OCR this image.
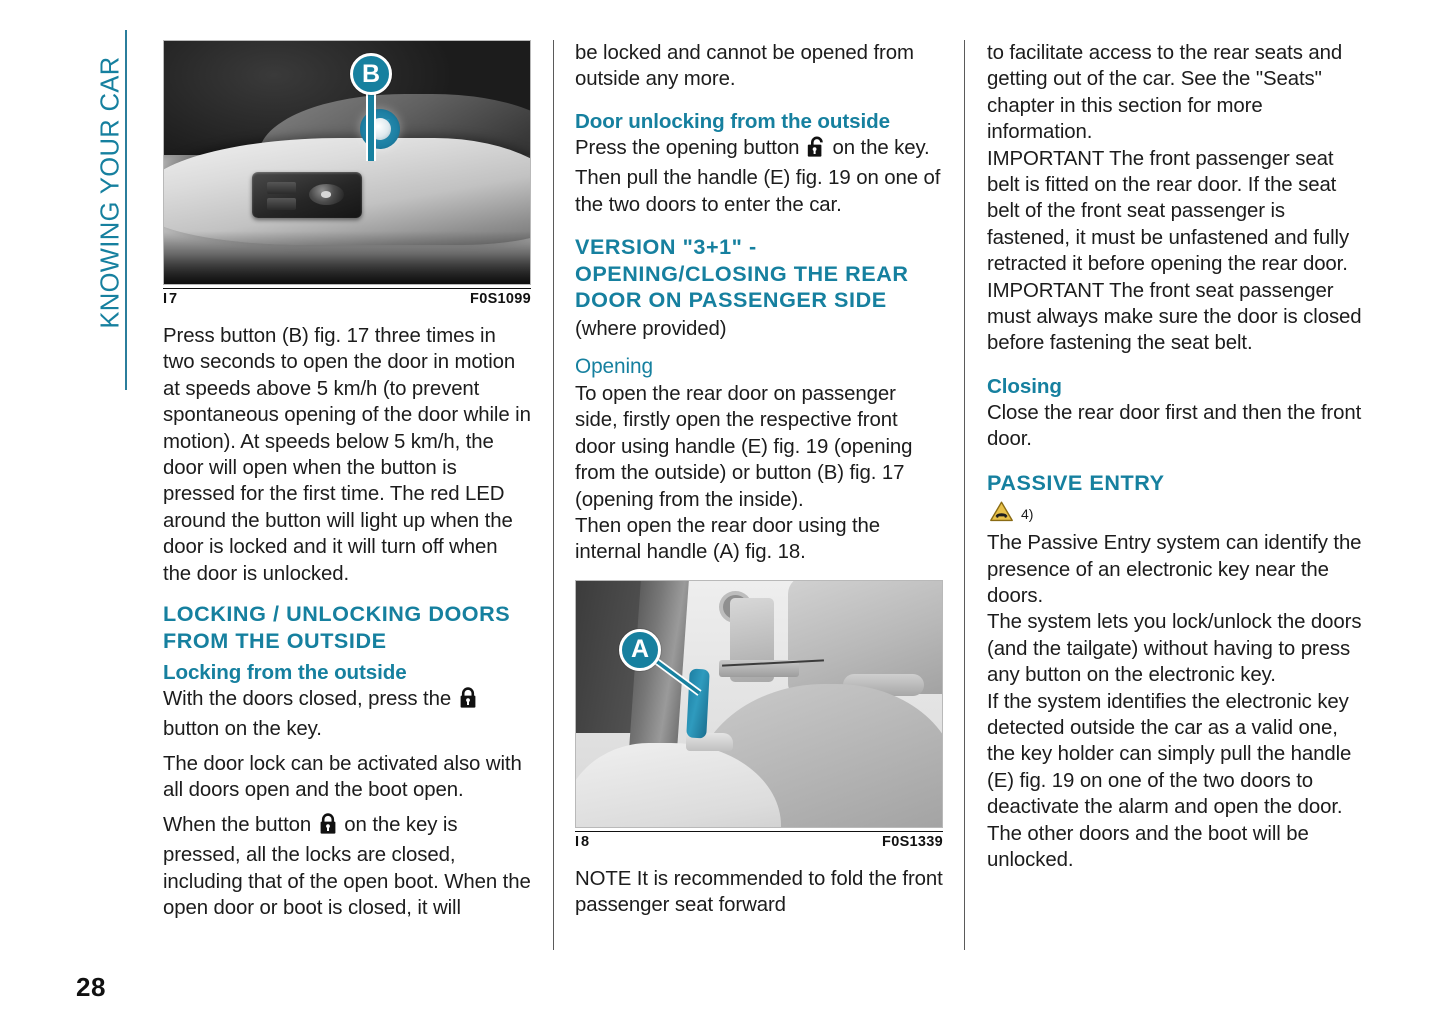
KNOWING YOUR CAR	B
I7	F0S1099

Press button (B) fig. 17 three times in two seconds to open the door in motion at speeds above 5 km/h (to prevent spontaneous opening of the door while in motion). At speeds below 5 km/h, the door will open when the button is pressed for the first time. The red LED around the button will light up when the door is locked and it will turn off when the door is unlocked.

LOCKING / UNLOCKING DOORS FROM THE OUTSIDE
Locking from the outside

With the doors closed, press the  button on the key.

The door lock can be activated also with all doors open and the boot open.

When the button  on the key is pressed, all the locks are closed, including that of the open boot. When the open door or boot is closed, it will

be locked and cannot be opened from outside any more.

Door unlocking from the outside

Press the opening button  on the key. Then pull the handle (E) fig. 19 on one of the two doors to enter the car.

VERSION "3+1" - OPENING/CLOSING THE REAR DOOR ON PASSENGER SIDE

(where provided)

Opening

To open the rear door on passenger side, firstly open the respective front door using handle (E) fig. 19 (opening from the outside) or button (B) fig. 17 (opening from the inside).

Then open the rear door using the internal handle (A) fig. 18.

A
I8	F0S1339

NOTE It is recommended to fold the front passenger seat forward

to facilitate access to the rear seats and getting out of the car. See the "Seats" chapter in this section for more information.

IMPORTANT The front passenger seat belt is fitted on the rear door. If the seat belt of the front seat passenger is fastened, it must be unfastened and fully retracted it before opening the rear door.

IMPORTANT The front seat passenger must always make sure the door is closed before fastening the seat belt.

Closing

Close the rear door first and then the front door.

PASSIVE ENTRY
4)

The Passive Entry system can identify the presence of an electronic key near the doors.

The system lets you lock/unlock the doors (and the tailgate) without having to press any button on the electronic key.

If the system identifies the electronic key detected outside the car as a valid one, the key holder can simply pull the handle (E) fig. 19 on one of the two doors to deactivate the alarm and open the door. The other doors and the boot will be unlocked.

28
